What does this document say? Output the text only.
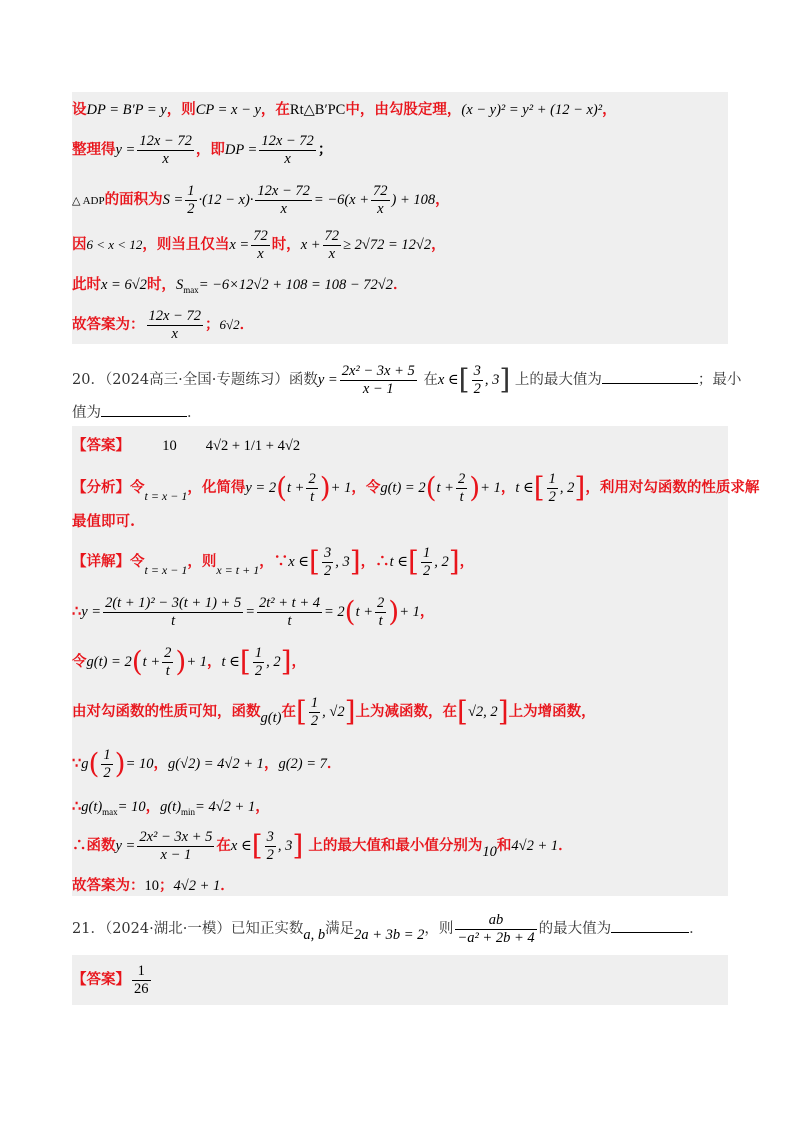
设DP = B′P = y，则CP = x − y，在Rt△B′PC中，由勾股定理，(x − y)² = y² + (12 − x)²，
整理得$y = \frac{12x - 72}{x}$ ，即DP = $\frac{12x - 72}{x}$ ；
△ ADP的面积为$S = \frac{1}{2} \cdot(12 - x)\cdot \frac{12x - 72}{x} = -6(x + \frac{72}{x}$ ) + 108，
因6 < x < 12，则当且仅当$x = \frac{72}{x}$ 时，$x + \frac{72}{x} \ge 2√72 = 12√2$，
此时x = 6√2时，$S_{max}= -6\times 12√2 + 108 = 108 - 72√2$．
故答案为： $\frac{12x - 72}{x}$ ；6√2．
20．（2024高三·全国·专题练习）函数$y = \frac{\text{2x² − 3x + 5}}{x - 1}$ 在x ∈[ $\frac{3}{2}$ , 3] 上的最大值为	；最小
值为	．
【答案】 10        4√2 + 1/1 + 4√2
【分析】令$_{t = x - 1}$，化简得$y = 2(t + \frac{2}{t}$ )+ 1，令$g(t) = 2(t + \frac{2}{t}$ )+ 1，t ∈[ $\frac{1}{2}$ , 2]，利用对勾函数的性质求解
最值即可.
【详解】令$_{t = x - 1}$，则$_{x = t + 1}$，∵x ∈[ $\frac{3}{2}$ , 3]，∴t ∈[ $\frac{1}{2}$ , 2]，
∴y = $\frac{\text{2(t + 1)² − 3(t + 1) + 5}}{t} = \frac{\text{2t² + t + 4}}{t} = 2(t + \frac{2}{t}$ )+ 1，
令$g(t) = 2(t + \frac{2}{t}$ )+ 1，t ∈[ $\frac{1}{2}$ , 2]，
由对勾函数的性质可知，函数g(t)在[ $\frac{1}{2}$ , √2]上为减函数，在[√2, 2]上为增函数，
∵g( $\frac{1}{2}$ )= 10，g(√2) = 4√2 + 1，g(2) = 7．
$\therefore g(t)_{max}= 10$，$g(t)_{min}= 4√2 + 1$，
∴函数$y = \frac{\text{2x² − 3x + 5}}{x - 1}$ 在x ∈[ $\frac{3}{2}$ , 3] 上的最大值和最小值分别为10和4√2 + 1．
故答案为：10；4√2 + 1．
21．（2024·湖北·一模）已知正实数a, b满足2a + 3b = 2，则 $\frac{ab}{\text{−a² + 2b + 4}}$ 的最大值为	．
【答案】 $\frac{1}{26}$
